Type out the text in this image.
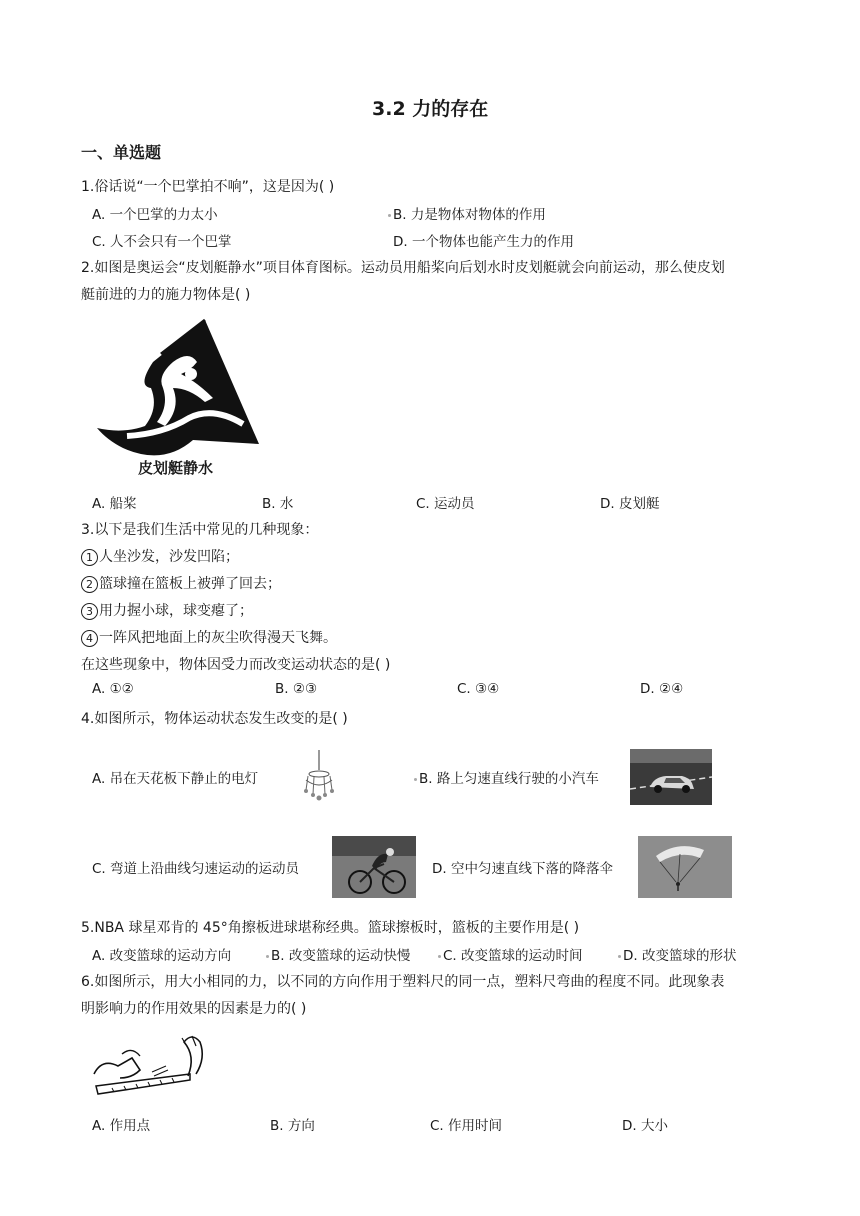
3.2 力的存在
一、单选题
1.俗话说“一个巴掌拍不响”，这是因为( )
A. 一个巴掌的力太小	B. 力是物体对物体的作用
C. 人不会只有一个巴掌	D. 一个物体也能产生力的作用
2.如图是奥运会“皮划艇静水”项目体育图标。运动员用船桨向后划水时皮划艇就会向前运动，那么使皮划
艇前进的力的施力物体是( )
皮划艇静水
A. 船桨	B. 水	C. 运动员	D. 皮划艇
3.以下是我们生活中常见的几种现象：
1 人坐沙发，沙发凹陷；
2 篮球撞在篮板上被弹了回去；
3 用力握小球，球变瘪了；
4 一阵风把地面上的灰尘吹得漫天飞舞。
在这些现象中，物体因受力而改变运动状态的是( )
A. ①②	B. ②③	C. ③④	D. ②④
4.如图所示，物体运动状态发生改变的是( )
A. 吊在天花板下静止的电灯	B. 路上匀速直线行驶的小汽车
C. 弯道上沿曲线匀速运动的运动员	D. 空中匀速直线下落的降落伞
5.NBA 球星邓肯的 45°角擦板进球堪称经典。篮球擦板时，篮板的主要作用是( )
A. 改变篮球的运动方向	B. 改变篮球的运动快慢	C. 改变篮球的运动时间	D. 改变篮球的形状
6.如图所示，用大小相同的力，以不同的方向作用于塑料尺的同一点，塑料尺弯曲的程度不同。此现象表
明影响力的作用效果的因素是力的( )
A. 作用点	B. 方向	C. 作用时间	D. 大小
